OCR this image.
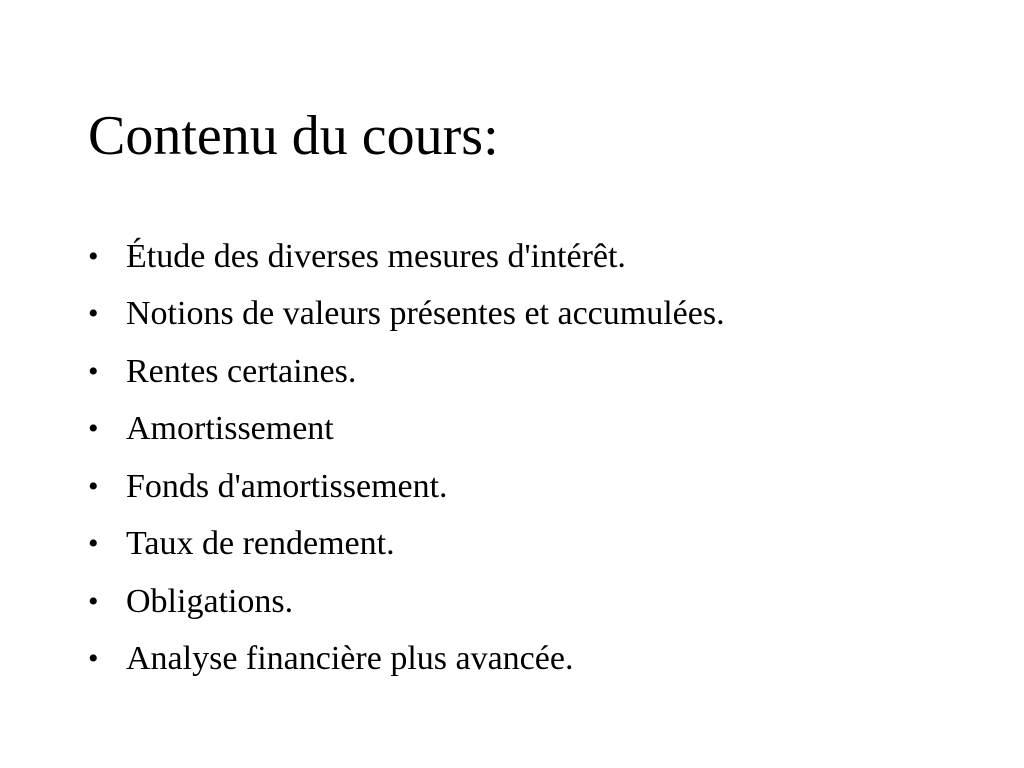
Contenu du cours:
• Étude des diverses mesures d'intérêt.
• Notions de valeurs présentes et accumulées.
• Rentes certaines.
• Amortissement
• Fonds d'amortissement.
• Taux de rendement.
• Obligations.
• Analyse financière plus avancée.
